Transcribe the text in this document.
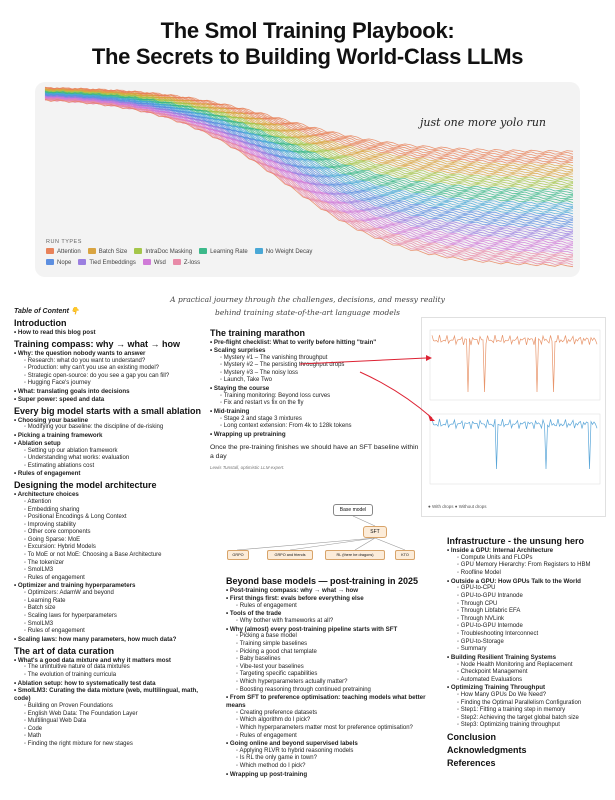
The Smol Training Playbook:
The Secrets to Building World-Class LLMs
just one more yolo run
RUN TYPES
Attention	Batch Size	IntraDoc Masking	Learning Rate	No Weight DecayNope	Tied Embeddings	Wsd	Z-loss
A practical journey through the challenges, decisions, and messy reality
behind training state-of-the-art language models
Table of Content 👇
Introduction
• How to read this blog post
Training compass: why → what → how
• Why: the question nobody wants to answer
◦ Research: what do you want to understand?
◦ Production: why can't you use an existing model?
◦ Strategic open-source: do you see a gap you can fill?
◦ Hugging Face's journey
• What: translating goals into decisions
• Super power: speed and data
Every big model starts with a small ablation
• Choosing your baseline
◦ Modifying your baseline: the discipline of de-risking
• Picking a training framework
• Ablation setup
◦ Setting up our ablation framework
◦ Understanding what works: evaluation
◦ Estimating ablations cost
• Rules of engagement
Designing the model architecture
• Architecture choices
◦ Attention
◦ Embedding sharing
◦ Positional Encodings & Long Context
◦ Improving stability
◦ Other core components
◦ Going Sparse: MoE
◦ Excursion: Hybrid Models
◦ To MoE or not MoE: Choosing a Base Architecture
◦ The tokenizer
◦ SmolLM3
◦ Rules of engagement
• Optimizer and training hyperparameters
◦ Optimizers: AdamW and beyond
◦ Learning Rate
◦ Batch size
◦ Scaling laws for hyperparameters
◦ SmolLM3
◦ Rules of engagement
• Scaling laws: how many parameters, how much data?
The art of data curation
• What's a good data mixture and why it matters most
◦ The unintuitive nature of data mixtures
◦ The evolution of training curricula
• Ablation setup: how to systematically test data
• SmolLM3: Curating the data mixture (web, multilingual, math, code)
◦ Building on Proven Foundations
◦ English Web Data: The Foundation Layer
◦ Multilingual Web Data
◦ Code
◦ Math
◦ Finding the right mixture for new stages
The training marathon
• Pre-flight checklist: What to verify before hitting "train"
• Scaling surprises
◦ Mystery #1 – The vanishing throughput
◦ Mystery #2 – The persisting throughput drops
◦ Mystery #3 – The noisy loss
◦ Launch, Take Two
• Staying the course
◦ Training monitoring: Beyond loss curves
◦ Fix and restart vs fix on the fly
• Mid-training
◦ Stage 2 and stage 3 mixtures
◦ Long context extension: From 4k to 128k tokens
• Wrapping up pretraining
Once the pre-training finishes we should have an SFT baseline within a day
Lewis Tunstall, optimistic LLM expert.
● With drops ● Without drops
Base model
SFT
GRPO	GRPO and friends	RL (there be dragons)	KTO
Beyond base models — post-training in 2025
• Post-training compass: why → what → how
• First things first: evals before everything else
◦ Rules of engagement
• Tools of the trade
◦ Why bother with frameworks at all?
• Why (almost) every post-training pipeline starts with SFT
◦ Picking a base model
◦ Training simple baselines
◦ Picking a good chat template
◦ Baby baselines
◦ Vibe-test your baselines
◦ Targeting specific capabilities
◦ Which hyperparameters actually matter?
◦ Boosting reasoning through continued pretraining
• From SFT to preference optimisation: teaching models what better means
◦ Creating preference datasets
◦ Which algorithm do I pick?
◦ Which hyperparameters matter most for preference optimisation?
◦ Rules of engagement
• Going online and beyond supervised labels
◦ Applying RLVR to hybrid reasoning models
◦ Is RL the only game in town?
◦ Which method do I pick?
• Wrapping up post-training
Infrastructure - the unsung hero
• Inside a GPU: Internal Architecture
◦ Compute Units and FLOPs
◦ GPU Memory Hierarchy: From Registers to HBM
◦ Roofline Model
• Outside a GPU: How GPUs Talk to the World
◦ GPU-to-CPU
◦ GPU-to-GPU Intranode
◦ Through CPU
◦ Through Libfabric EFA
◦ Through NVLink
◦ GPU-to-GPU Internode
◦ Troubleshooting Interconnect
◦ GPU-to-Storage
◦ Summary
• Building Resilient Training Systems
◦ Node Health Monitoring and Replacement
◦ Checkpoint Management
◦ Automated Evaluations
• Optimizing Training Throughput
◦ How Many GPUs Do We Need?
◦ Finding the Optimal Parallelism Configuration
◦ Step1: Fitting a training step in memory
◦ Step2: Achieving the target global batch size
◦ Step3: Optimizing training throughput
Conclusion
Acknowledgments
References
